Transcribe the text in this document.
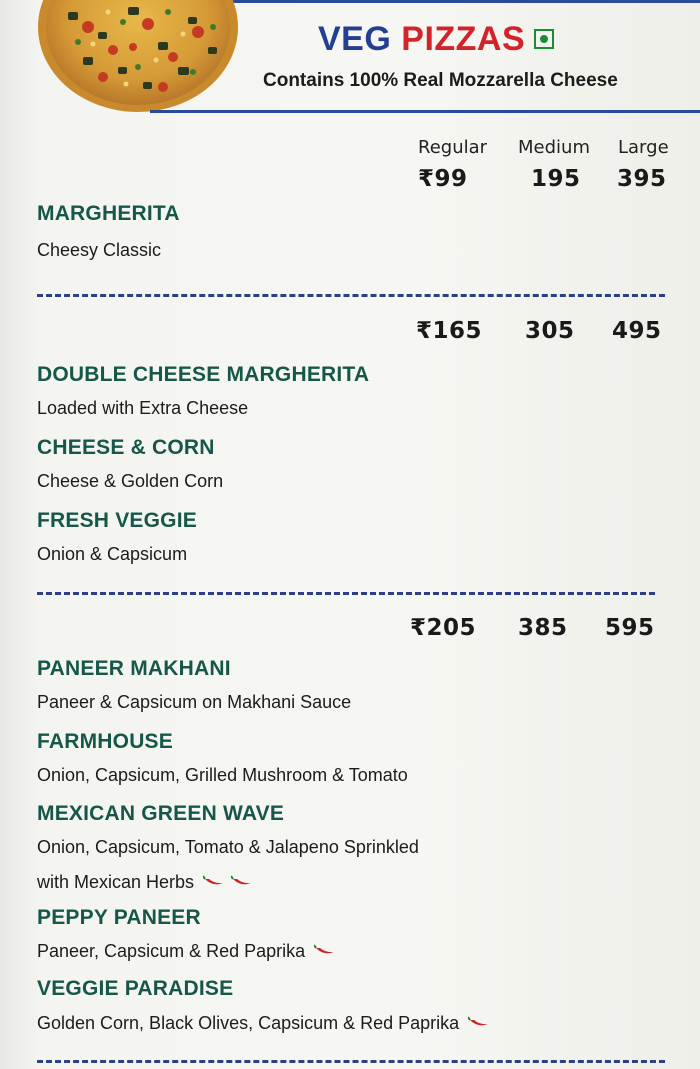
VEG PIZZAS
Contains 100% Real Mozzarella Cheese
Regular Medium Large
₹99	195 395
MARGHERITA
Cheesy Classic
₹165 305 495
DOUBLE CHEESE MARGHERITA
Loaded with Extra Cheese
CHEESE & CORN
Cheese & Golden Corn
FRESH VEGGIE
Onion & Capsicum
₹205 385 595
PANEER MAKHANI
Paneer & Capsicum on Makhani Sauce
FARMHOUSE
Onion, Capsicum, Grilled Mushroom & Tomato
MEXICAN GREEN WAVE
Onion, Capsicum, Tomato & Jalapeno Sprinkled
with Mexican Herbs
PEPPY PANEER
Paneer, Capsicum & Red Paprika
VEGGIE PARADISE
Golden Corn, Black Olives, Capsicum & Red Paprika
